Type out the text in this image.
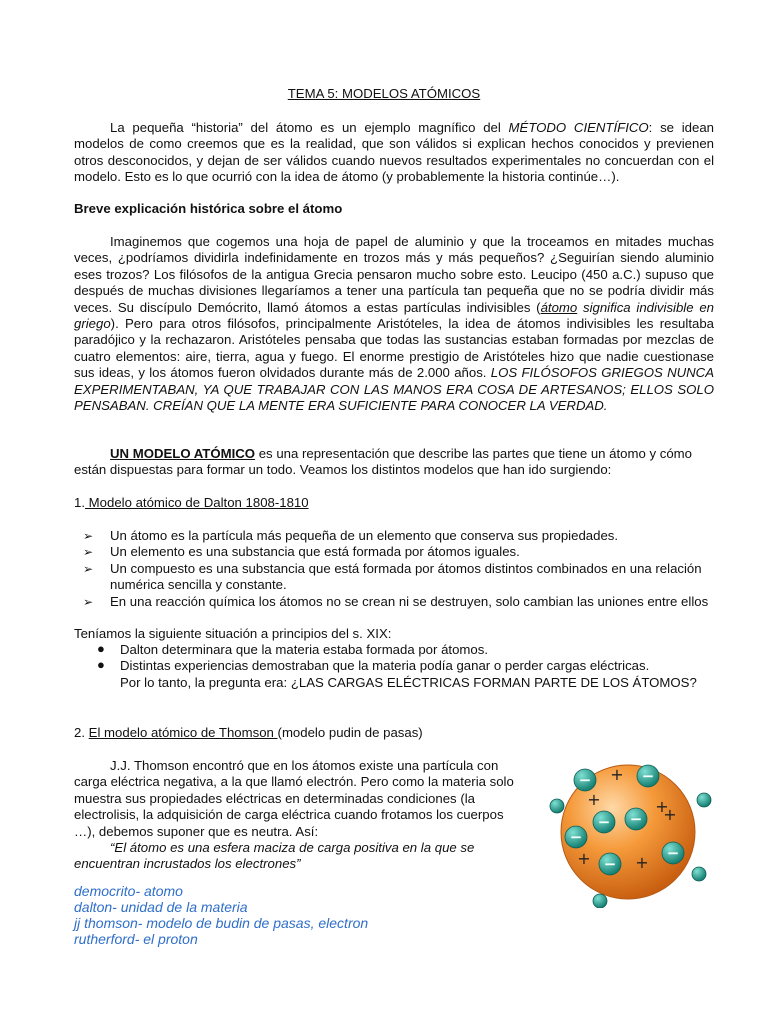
TEMA 5: MODELOS ATÓMICOS

La pequeña “historia” del átomo es un ejemplo magnífico del MÉTODO CIENTÍFICO: se idean modelos de como creemos que es la realidad, que son válidos si explican hechos conocidos y previenen otros desconocidos, y dejan de ser válidos cuando nuevos resultados experimentales no concuerdan con el modelo. Esto es lo que ocurrió con la idea de átomo (y probablemente la historia continúe…).

Breve explicación histórica sobre el átomo

Imaginemos que cogemos una hoja de papel de aluminio y que la troceamos en mitades muchas veces, ¿podríamos dividirla indefinidamente en trozos más y más pequeños? ¿Seguirían siendo aluminio eses trozos? Los filósofos de la antigua Grecia pensaron mucho sobre esto. Leucipo (450 a.C.) supuso que después de muchas divisiones llegaríamos a tener una partícula tan pequeña que no se podría dividir más veces. Su discípulo Demócrito, llamó átomos a estas partículas indivisibles (átomo significa indivisible en griego). Pero para otros filósofos, principalmente Aristóteles, la idea de átomos indivisibles les resultaba paradójico y la rechazaron. Aristóteles pensaba que todas las sustancias estaban formadas por mezclas de cuatro elementos: aire, tierra, agua y fuego. El enorme prestigio de Aristóteles hizo que nadie cuestionase sus ideas, y los átomos fueron olvidados durante más de 2.000 años. LOS FILÓSOFOS GRIEGOS NUNCA EXPERIMENTABAN, YA QUE TRABAJAR CON LAS MANOS ERA COSA DE ARTESANOS; ELLOS SOLO PENSABAN. CREÍAN QUE LA MENTE ERA SUFICIENTE PARA CONOCER LA VERDAD.

UN MODELO ATÓMICO es una representación que describe las partes que tiene un átomo y cómo están dispuestas para formar un todo. Veamos los distintos modelos que han ido surgiendo:

1. Modelo atómico de Dalton 1808-1810

➢ Un átomo es la partícula más pequeña de un elemento que conserva sus propiedades.
➢ Un elemento es una substancia que está formada por átomos iguales.
➢ Un compuesto es una substancia que está formada por átomos distintos combinados en una relación numérica sencilla y constante.
➢ En una reacción química los átomos no se crean ni se destruyen, solo cambian las uniones entre ellos

Teníamos la siguiente situación a principios del s. XIX:

● Dalton determinara que la materia estaba formada por átomos.
● Distintas experiencias demostraban que la materia podía ganar o perder cargas eléctricas.
Por lo tanto, la pregunta era: ¿LAS CARGAS ELÉCTRICAS FORMAN PARTE DE LOS ÁTOMOS?

2. El modelo atómico de Thomson (modelo pudin de pasas)

J.J. Thomson encontró que en los átomos existe una partícula con carga eléctrica negativa, a la que llamó electrón. Pero como la materia solo muestra sus propiedades eléctricas en determinadas condiciones (la electrolisis, la adquisición de carga eléctrica cuando frotamos los cuerpos …), debemos suponer que es neutra. Así:

“El átomo es una esfera maciza de carga positiva en la que se encuentran incrustados los electrones”

democrito- atomo
dalton- unidad de la materia
jj thomson- modelo de budin de pasas, electron
rutherford- el proton
−	−
− −
−
−
−
+
+
+
+
+
+
